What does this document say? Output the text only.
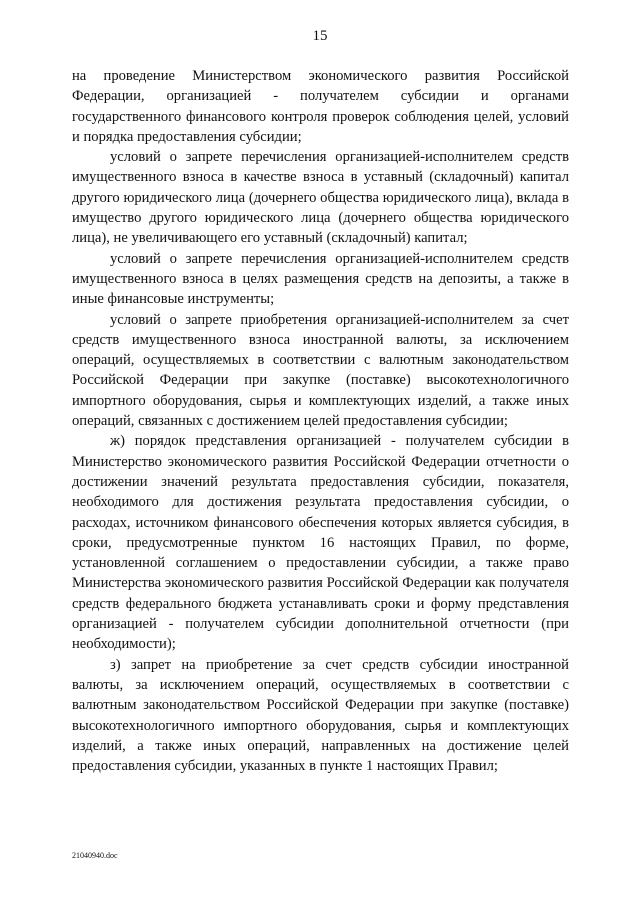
15

на проведение Министерством экономического развития Российской Федерации, организацией - получателем субсидии и органами государственного финансового контроля проверок соблюдения целей, условий и порядка предоставления субсидии;

условий о запрете перечисления организацией-исполнителем средств имущественного взноса в качестве взноса в уставный (складочный) капитал другого юридического лица (дочернего общества юридического лица), вклада в имущество другого юридического лица (дочернего общества юридического лица), не увеличивающего его уставный (складочный) капитал;

условий о запрете перечисления организацией-исполнителем средств имущественного взноса в целях размещения средств на депозиты, а также в иные финансовые инструменты;

условий о запрете приобретения организацией-исполнителем за счет средств имущественного взноса иностранной валюты, за исключением операций, осуществляемых в соответствии с валютным законодательством Российской Федерации при закупке (поставке) высокотехнологичного импортного оборудования, сырья и комплектующих изделий, а также иных операций, связанных с достижением целей предоставления субсидии;

ж) порядок представления организацией - получателем субсидии в Министерство экономического развития Российской Федерации отчетности о достижении значений результата предоставления субсидии, показателя, необходимого для достижения результата предоставления субсидии, о расходах, источником финансового обеспечения которых является субсидия, в сроки, предусмотренные пунктом 16 настоящих Правил, по форме, установленной соглашением о предоставлении субсидии, а также право Министерства экономического развития Российской Федерации как получателя средств федерального бюджета устанавливать сроки и форму представления организацией - получателем субсидии дополнительной отчетности (при необходимости);

з) запрет на приобретение за счет средств субсидии иностранной валюты, за исключением операций, осуществляемых в соответствии с валютным законодательством Российской Федерации при закупке (поставке) высокотехнологичного импортного оборудования, сырья и комплектующих изделий, а также иных операций, направленных на достижение целей предоставления субсидии, указанных в пункте 1 настоящих Правил;

21040940.doc
